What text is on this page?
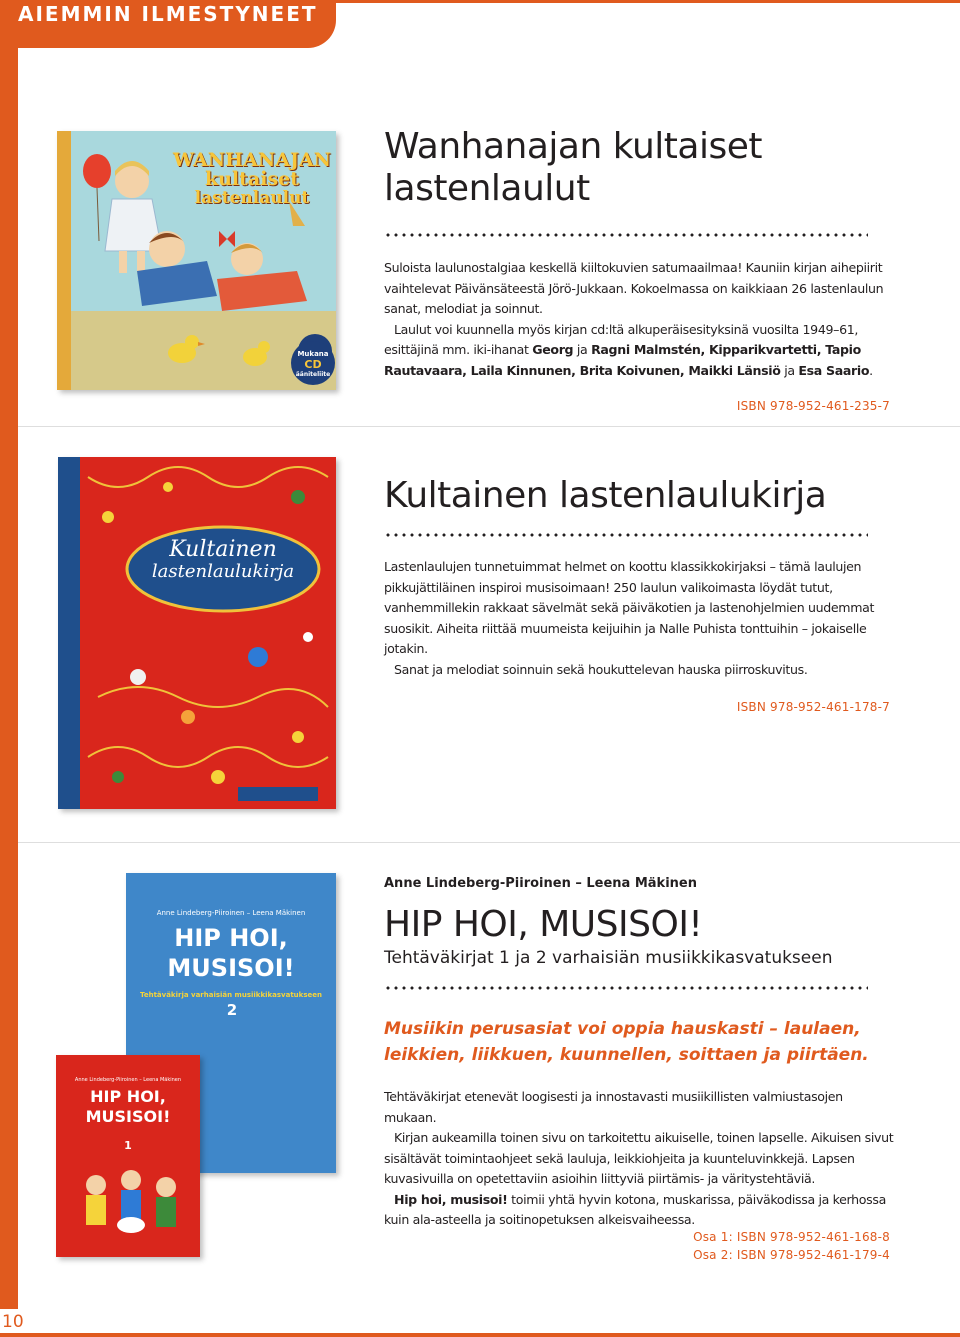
AIEMMIN ILMESTYNEET
WANHANAJAN
kultaiset
lastenlaulut
Mukana
CD
ääniteliite
Wanhanajan kultaiset
lastenlaulut

Suloista laulunostalgiaa keskellä kiiltokuvien satumaailmaa! Kauniin kirjan aihepiirit vaihtelevat Päivänsäteestä Jörö-Jukkaan. Kokoelmassa on kaikkiaan 26 lastenlaulun sanat, melodiat ja soinnut.

Laulut voi kuunnella myös kirjan cd:ltä alkuperäisesityksinä vuosilta 1949–61, esittäjinä mm. iki-ihanat Georg ja Ragni Malmstén, Kipparikvartetti, Tapio Rautavaara, Laila Kinnunen, Brita Koivunen, Maikki Länsiö ja Esa Saario.

ISBN 978-952-461-235-7
Kultainen
lastenlaulukirja
Kultainen lastenlaulukirja

Lastenlaulujen tunnetuimmat helmet on koottu klassikkokirjaksi – tämä laulujen pikkujättiläinen inspiroi musisoimaan! 250 laulun valikoimasta löydät tutut, vanhemmillekin rakkaat sävelmät sekä päiväkotien ja lastenohjelmien uudemmat suosikit. Aiheita riittää muumeista keijuihin ja Nalle Puhista tonttuihin – jokaiselle jotakin.

Sanat ja melodiat soinnuin sekä houkuttelevan hauska piirroskuvitus.

ISBN 978-952-461-178-7
Anne Lindeberg-Piiroinen – Leena Mäkinen
HIP HOI,
MUSISOI!
Tehtäväkirja varhaisiän musiikkikasvatukseen
2
Anne Lindeberg-Piiroinen – Leena Mäkinen
HIP HOI,
MUSISOI!
1
Anne Lindeberg-Piiroinen – Leena Mäkinen
HIP HOI, MUSISOI!
Tehtäväkirjat 1 ja 2 varhaisiän musiikkikasvatukseen
Musiikin perusasiat voi oppia hauskasti – laulaen, leikkien, liikkuen, kuunnellen, soittaen ja piirtäen.

Tehtäväkirjat etenevät loogisesti ja innostavasti musiikillisten valmiustasojen mukaan.

Kirjan aukeamilla toinen sivu on tarkoitettu aikuiselle, toinen lapselle. Aikuisen sivut sisältävät toimintaohjeet sekä lauluja, leikkiohjeita ja kuunteluvinkkejä. Lapsen kuvasivuilla on opetettaviin asioihin liittyviä piirtämis- ja väritystehtäviä.

Hip hoi, musisoi! toimii yhtä hyvin kotona, muskarissa, päiväkodissa ja kerhossa kuin ala-asteella ja soitinopetuksen alkeisvaiheessa.

Osa 1: ISBN 978-952-461-168-8
Osa 2: ISBN 978-952-461-179-4
10
